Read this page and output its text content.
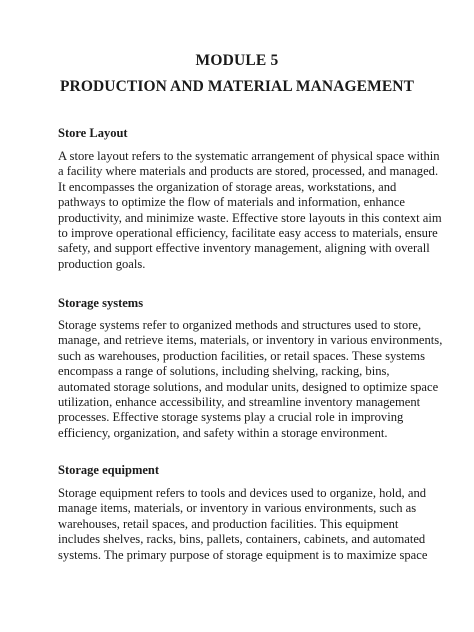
MODULE 5
PRODUCTION AND MATERIAL MANAGEMENT
Store Layout

A store layout refers to the systematic arrangement of physical space within
a facility where materials and products are stored, processed, and managed.
It encompasses the organization of storage areas, workstations, and
pathways to optimize the flow of materials and information, enhance
productivity, and minimize waste. Effective store layouts in this context aim
to improve operational efficiency, facilitate easy access to materials, ensure
safety, and support effective inventory management, aligning with overall
production goals.

Storage systems

Storage systems refer to organized methods and structures used to store,
manage, and retrieve items, materials, or inventory in various environments,
such as warehouses, production facilities, or retail spaces. These systems
encompass a range of solutions, including shelving, racking, bins,
automated storage solutions, and modular units, designed to optimize space
utilization, enhance accessibility, and streamline inventory management
processes. Effective storage systems play a crucial role in improving
efficiency, organization, and safety within a storage environment.

Storage equipment

Storage equipment refers to tools and devices used to organize, hold, and
manage items, materials, or inventory in various environments, such as
warehouses, retail spaces, and production facilities. This equipment
includes shelves, racks, bins, pallets, containers, cabinets, and automated
systems. The primary purpose of storage equipment is to maximize space
